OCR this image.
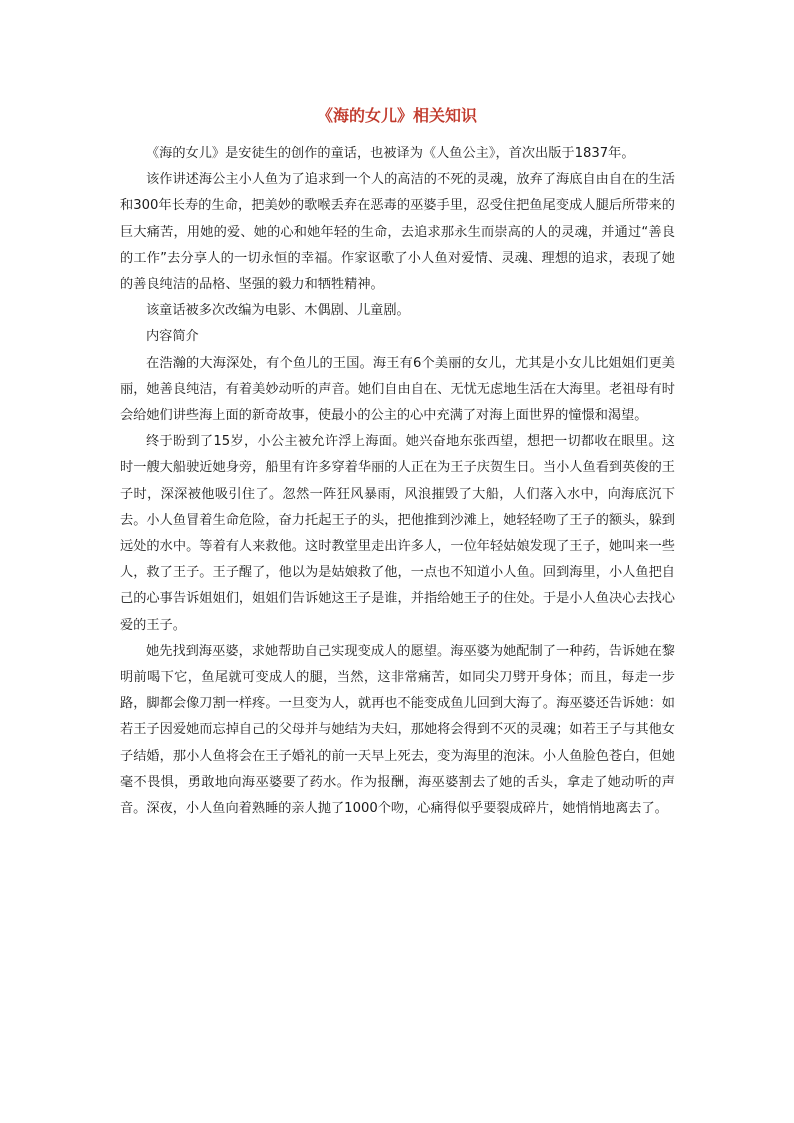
《海的女儿》相关知识

《海的女儿》是安徒生的创作的童话，也被译为《人鱼公主》，首次出版于1837年。

该作讲述海公主小人鱼为了追求到一个人的高洁的不死的灵魂，放弃了海底自由自在的生活和300年长寿的生命，把美妙的歌喉丢弃在恶毒的巫婆手里，忍受住把鱼尾变成人腿后所带来的巨大痛苦，用她的爱、她的心和她年轻的生命，去追求那永生而崇高的人的灵魂，并通过“善良的工作”去分享人的一切永恒的幸福。作家讴歌了小人鱼对爱情、灵魂、理想的追求，表现了她的善良纯洁的品格、坚强的毅力和牺牲精神。

该童话被多次改编为电影、木偶剧、儿童剧。

内容简介

在浩瀚的大海深处，有个鱼儿的王国。海王有6个美丽的女儿，尤其是小女儿比姐姐们更美丽，她善良纯洁，有着美妙动听的声音。她们自由自在、无忧无虑地生活在大海里。老祖母有时会给她们讲些海上面的新奇故事，使最小的公主的心中充满了对海上面世界的憧憬和渴望。

终于盼到了15岁，小公主被允许浮上海面。她兴奋地东张西望，想把一切都收在眼里。这时一艘大船驶近她身旁，船里有许多穿着华丽的人正在为王子庆贺生日。当小人鱼看到英俊的王子时，深深被他吸引住了。忽然一阵狂风暴雨，风浪摧毁了大船，人们落入水中，向海底沉下去。小人鱼冒着生命危险，奋力托起王子的头，把他推到沙滩上，她轻轻吻了王子的额头，躲到远处的水中。等着有人来救他。这时教堂里走出许多人，一位年轻姑娘发现了王子，她叫来一些人，救了王子。王子醒了，他以为是姑娘救了他，一点也不知道小人鱼。回到海里，小人鱼把自己的心事告诉姐姐们，姐姐们告诉她这王子是谁，并指给她王子的住处。于是小人鱼决心去找心爱的王子。

她先找到海巫婆，求她帮助自己实现变成人的愿望。海巫婆为她配制了一种药，告诉她在黎明前喝下它，鱼尾就可变成人的腿，当然，这非常痛苦，如同尖刀劈开身体；而且，每走一步路，脚都会像刀割一样疼。一旦变为人，就再也不能变成鱼儿回到大海了。海巫婆还告诉她：如若王子因爱她而忘掉自己的父母并与她结为夫妇，那她将会得到不灭的灵魂；如若王子与其他女子结婚，那小人鱼将会在王子婚礼的前一天早上死去，变为海里的泡沫。小人鱼脸色苍白，但她毫不畏惧，勇敢地向海巫婆要了药水。作为报酬，海巫婆割去了她的舌头，拿走了她动听的声音。深夜，小人鱼向着熟睡的亲人抛了1000个吻，心痛得似乎要裂成碎片，她悄悄地离去了。
